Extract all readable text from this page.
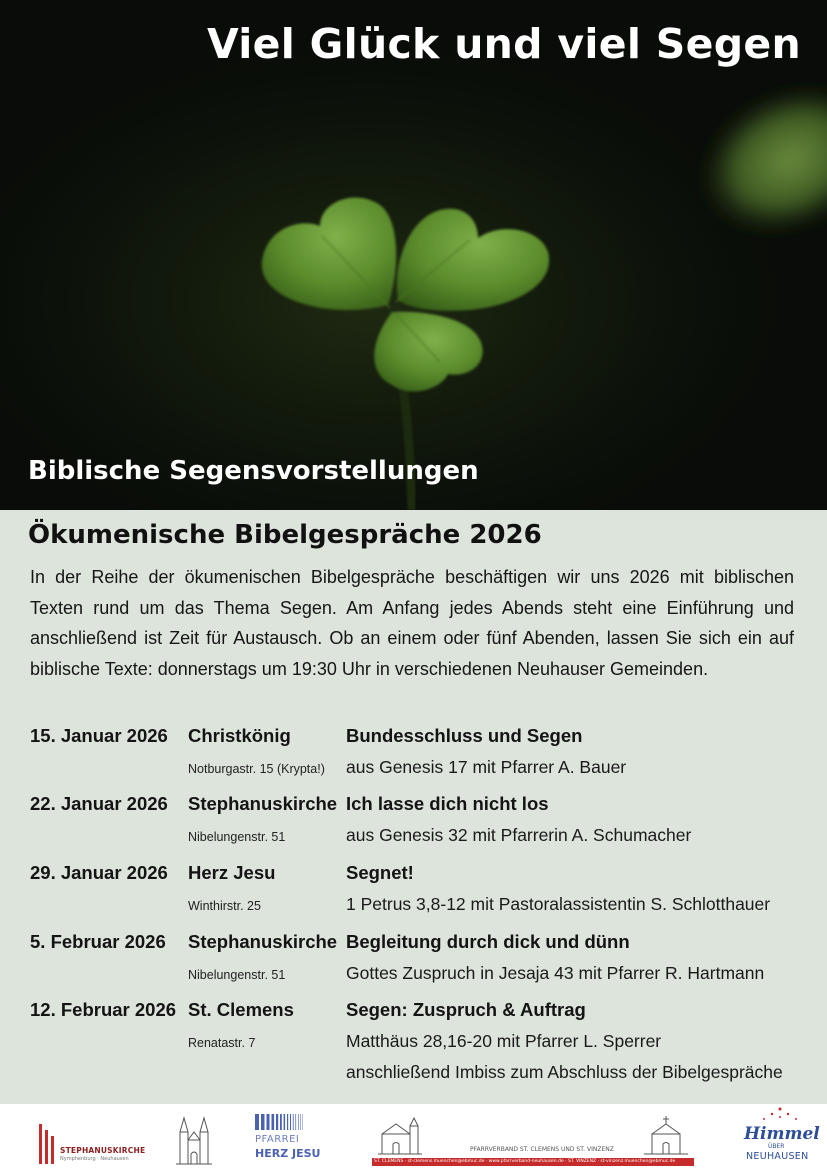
Viel Glück und viel Segen
Biblische Segensvorstellungen
Ökumenische Bibelgespräche 2026

In der Reihe der ökumenischen Bibelgespräche beschäftigen wir uns 2026 mit biblischen Texten rund um das Thema Segen. Am Anfang jedes Abends steht eine Einführung und anschließend ist Zeit für Austausch. Ob an einem oder fünf Abenden, lassen Sie sich ein auf biblische Texte: donnerstags um 19:30 Uhr in verschiedenen Neuhauser Gemeinden.

15. Januar 2026 Christkönig
Notburgastr. 15 (Krypta!)
Bundesschluss und Segen
aus Genesis 17 mit Pfarrer A. Bauer
22. Januar 2026 Stephanuskirche
Nibelungenstr. 51
Ich lasse dich nicht los
aus Genesis 32 mit Pfarrerin A. Schumacher
29. Januar 2026 Herz Jesu
Winthirstr. 25
Segnet!
1 Petrus 3,8-12 mit Pastoralassistentin S. Schlotthauer
5. Februar 2026 Stephanuskirche
Nibelungenstr. 51
Begleitung durch dick und dünn
Gottes Zuspruch in Jesaja 43 mit Pfarrer R. Hartmann
12. Februar 2026 St. Clemens
Renatastr. 7
Segen: Zuspruch & Auftrag
Matthäus 28,16-20 mit Pfarrer L. Sperrer
anschließend Imbiss zum Abschluss der Bibelgespräche
STEPHANUSKIRCHE
Nymphenburg · Neuhausen
PFARREI
HERZ JESU	PFARRVERBAND ST. CLEMENS UND ST. VINZENZ
ST. CLEMENS · st-clemens.muenchen@ebmuc.de · www.pfarrverband-neuhausen.de · ST. VINZENZ · st-vinzenz.muenchen@ebmuc.de
Himmel
ÜBER
NEUHAUSEN
